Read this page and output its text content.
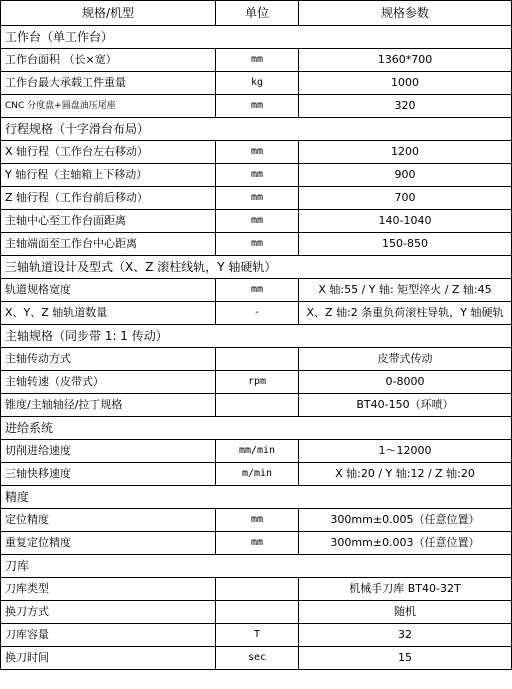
规格/机型	单位	规格参数
工作台（单工作台）		
工作台面积 （长×宽）	mm	1360*700
工作台最大承载工件重量	kg	1000
CNC 分度盘+圆盘油压尾座	mm	320
行程规格（十字滑台布局）		
X 轴行程（工作台左右移动）	mm	1200
Y 轴行程（主轴箱上下移动）	mm	900
Z 轴行程（工作台前后移动）	mm	700
主轴中心至工作台面距离	mm	140-1040
主轴端面至工作台中心距离	mm	150-850
三轴轨道设计及型式（X、Z 滚柱线轨，Y 轴硬轨）		
轨道规格宽度	mm	X 轴:55 / Y 轴: 矩型淬火 / Z 轴:45
X、Y、Z 轴轨道数量	-	X、Z 轴:2 条重负荷滚柱导轨，Y 轴硬轨
主轴规格（同步带 1: 1 传动）		
主轴传动方式		皮带式传动
主轴转速（皮带式）	rpm	0-8000
锥度/主轴轴径/拉丁规格		BT40-150（环喷）
进给系统		
切削进给速度	mm/min	1～12000
三轴快移速度	m/min	X 轴:20 / Y 轴:12 / Z 轴:20
精度		
定位精度	mm	300mm±0.005（任意位置）
重复定位精度	mm	300mm±0.003（任意位置）
刀库		
刀库类型		机械手刀库 BT40-32T
换刀方式		随机
刀库容量	T	32
换刀时间	sec	15
